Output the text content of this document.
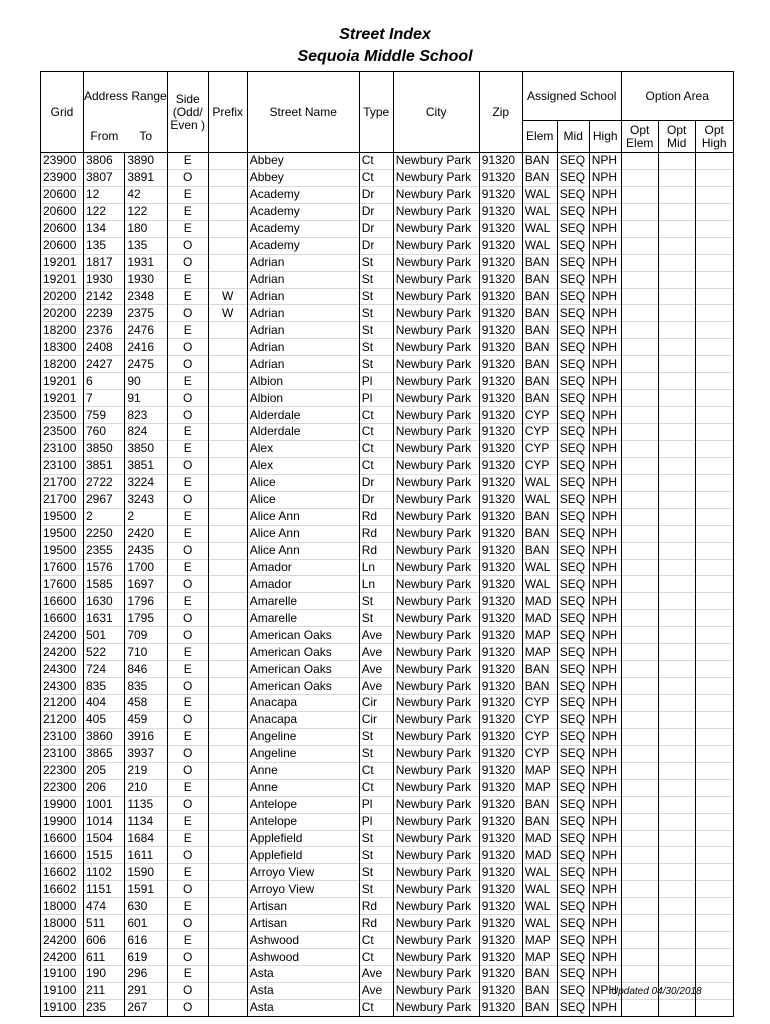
Street Index
Sequoia Middle School
Grid	Address Range		Side (Odd/ Even )	Prefix	Street Name	Type	City	Zip	Assigned School			Option Area		
	From	To							Elem	Mid	High	Opt Elem	Opt Mid	Opt High
23900	3806	3890	E		Abbey	Ct	Newbury Park	91320	BAN	SEQ	NPH			
23900	3807	3891	O		Abbey	Ct	Newbury Park	91320	BAN	SEQ	NPH			
20600	12	42	E		Academy	Dr	Newbury Park	91320	WAL	SEQ	NPH			
20600	122	122	E		Academy	Dr	Newbury Park	91320	WAL	SEQ	NPH			
20600	134	180	E		Academy	Dr	Newbury Park	91320	WAL	SEQ	NPH			
20600	135	135	O		Academy	Dr	Newbury Park	91320	WAL	SEQ	NPH			
19201	1817	1931	O		Adrian	St	Newbury Park	91320	BAN	SEQ	NPH			
19201	1930	1930	E		Adrian	St	Newbury Park	91320	BAN	SEQ	NPH			
20200	2142	2348	E	W	Adrian	St	Newbury Park	91320	BAN	SEQ	NPH			
20200	2239	2375	O	W	Adrian	St	Newbury Park	91320	BAN	SEQ	NPH			
18200	2376	2476	E		Adrian	St	Newbury Park	91320	BAN	SEQ	NPH			
18300	2408	2416	O		Adrian	St	Newbury Park	91320	BAN	SEQ	NPH			
18200	2427	2475	O		Adrian	St	Newbury Park	91320	BAN	SEQ	NPH			
19201	6	90	E		Albion	Pl	Newbury Park	91320	BAN	SEQ	NPH			
19201	7	91	O		Albion	Pl	Newbury Park	91320	BAN	SEQ	NPH			
23500	759	823	O		Alderdale	Ct	Newbury Park	91320	CYP	SEQ	NPH			
23500	760	824	E		Alderdale	Ct	Newbury Park	91320	CYP	SEQ	NPH			
23100	3850	3850	E		Alex	Ct	Newbury Park	91320	CYP	SEQ	NPH			
23100	3851	3851	O		Alex	Ct	Newbury Park	91320	CYP	SEQ	NPH			
21700	2722	3224	E		Alice	Dr	Newbury Park	91320	WAL	SEQ	NPH			
21700	2967	3243	O		Alice	Dr	Newbury Park	91320	WAL	SEQ	NPH			
19500	2	2	E		Alice Ann	Rd	Newbury Park	91320	BAN	SEQ	NPH			
19500	2250	2420	E		Alice Ann	Rd	Newbury Park	91320	BAN	SEQ	NPH			
19500	2355	2435	O		Alice Ann	Rd	Newbury Park	91320	BAN	SEQ	NPH			
17600	1576	1700	E		Amador	Ln	Newbury Park	91320	WAL	SEQ	NPH			
17600	1585	1697	O		Amador	Ln	Newbury Park	91320	WAL	SEQ	NPH			
16600	1630	1796	E		Amarelle	St	Newbury Park	91320	MAD	SEQ	NPH			
16600	1631	1795	O		Amarelle	St	Newbury Park	91320	MAD	SEQ	NPH			
24200	501	709	O		American Oaks	Ave	Newbury Park	91320	MAP	SEQ	NPH			
24200	522	710	E		American Oaks	Ave	Newbury Park	91320	MAP	SEQ	NPH			
24300	724	846	E		American Oaks	Ave	Newbury Park	91320	BAN	SEQ	NPH			
24300	835	835	O		American Oaks	Ave	Newbury Park	91320	BAN	SEQ	NPH			
21200	404	458	E		Anacapa	Cir	Newbury Park	91320	CYP	SEQ	NPH			
21200	405	459	O		Anacapa	Cir	Newbury Park	91320	CYP	SEQ	NPH			
23100	3860	3916	E		Angeline	St	Newbury Park	91320	CYP	SEQ	NPH			
23100	3865	3937	O		Angeline	St	Newbury Park	91320	CYP	SEQ	NPH			
22300	205	219	O		Anne	Ct	Newbury Park	91320	MAP	SEQ	NPH			
22300	206	210	E		Anne	Ct	Newbury Park	91320	MAP	SEQ	NPH			
19900	1001	1135	O		Antelope	Pl	Newbury Park	91320	BAN	SEQ	NPH			
19900	1014	1134	E		Antelope	Pl	Newbury Park	91320	BAN	SEQ	NPH			
16600	1504	1684	E		Applefield	St	Newbury Park	91320	MAD	SEQ	NPH			
16600	1515	1611	O		Applefield	St	Newbury Park	91320	MAD	SEQ	NPH			
16602	1102	1590	E		Arroyo View	St	Newbury Park	91320	WAL	SEQ	NPH			
16602	1151	1591	O		Arroyo View	St	Newbury Park	91320	WAL	SEQ	NPH			
18000	474	630	E		Artisan	Rd	Newbury Park	91320	WAL	SEQ	NPH			
18000	511	601	O		Artisan	Rd	Newbury Park	91320	WAL	SEQ	NPH			
24200	606	616	E		Ashwood	Ct	Newbury Park	91320	MAP	SEQ	NPH			
24200	611	619	O		Ashwood	Ct	Newbury Park	91320	MAP	SEQ	NPH			
19100	190	296	E		Asta	Ave	Newbury Park	91320	BAN	SEQ	NPH			
19100	211	291	O		Asta	Ave	Newbury Park	91320	BAN	SEQ	NPH			
19100	235	267	O		Asta	Ct	Newbury Park	91320	BAN	SEQ	NPH			
Updated 04/30/2018
